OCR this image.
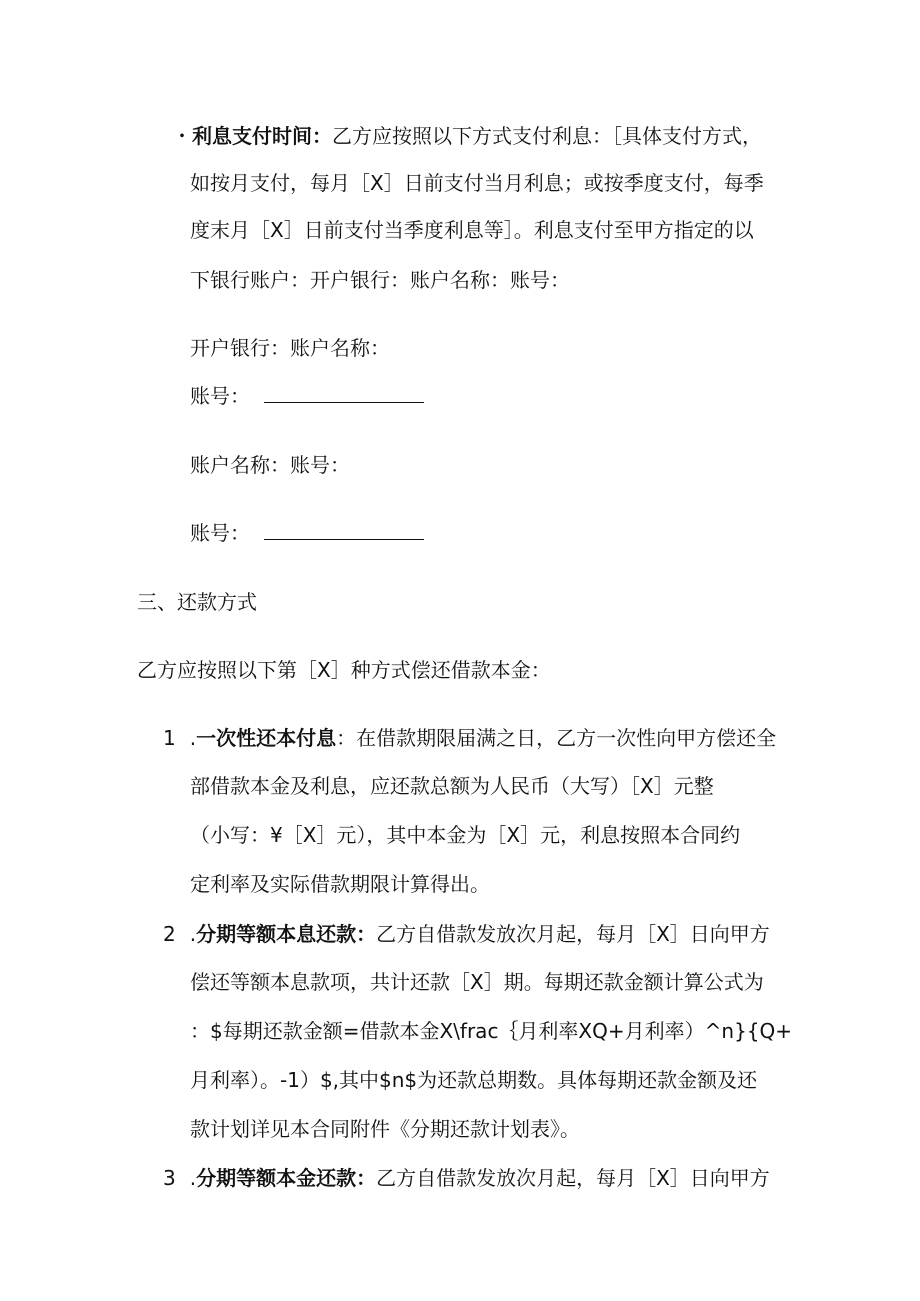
・利息支付时间：乙方应按照以下方式支付利息：［具体支付方式，
如按月支付，每月［X］日前支付当月利息；或按季度支付，每季
度末月［X］日前支付当季度利息等］。利息支付至甲方指定的以
下银行账户：开户银行：账户名称：账号：
开户银行：账户名称：
账号：
账户名称：账号：
账号：
三、还款方式
乙方应按照以下第［X］种方式偿还借款本金：
1 .一次性还本付息：在借款期限届满之日，乙方一次性向甲方偿还全
部借款本金及利息，应还款总额为人民币（大写）［X］元整
（小写：¥［X］元），其中本金为［X］元，利息按照本合同约
定利率及实际借款期限计算得出。
2 .分期等额本息还款：乙方自借款发放次月起，每月［X］日向甲方
偿还等额本息款项，共计还款［X］期。每期还款金额计算公式为
：$每期还款金额=借款本金X\frac｛月利率XQ+月利率）^n}{Q+
月利率）。-1）$,其中$n$为还款总期数。具体每期还款金额及还
款计划详见本合同附件《分期还款计划表》。
3 .分期等额本金还款：乙方自借款发放次月起，每月［X］日向甲方
